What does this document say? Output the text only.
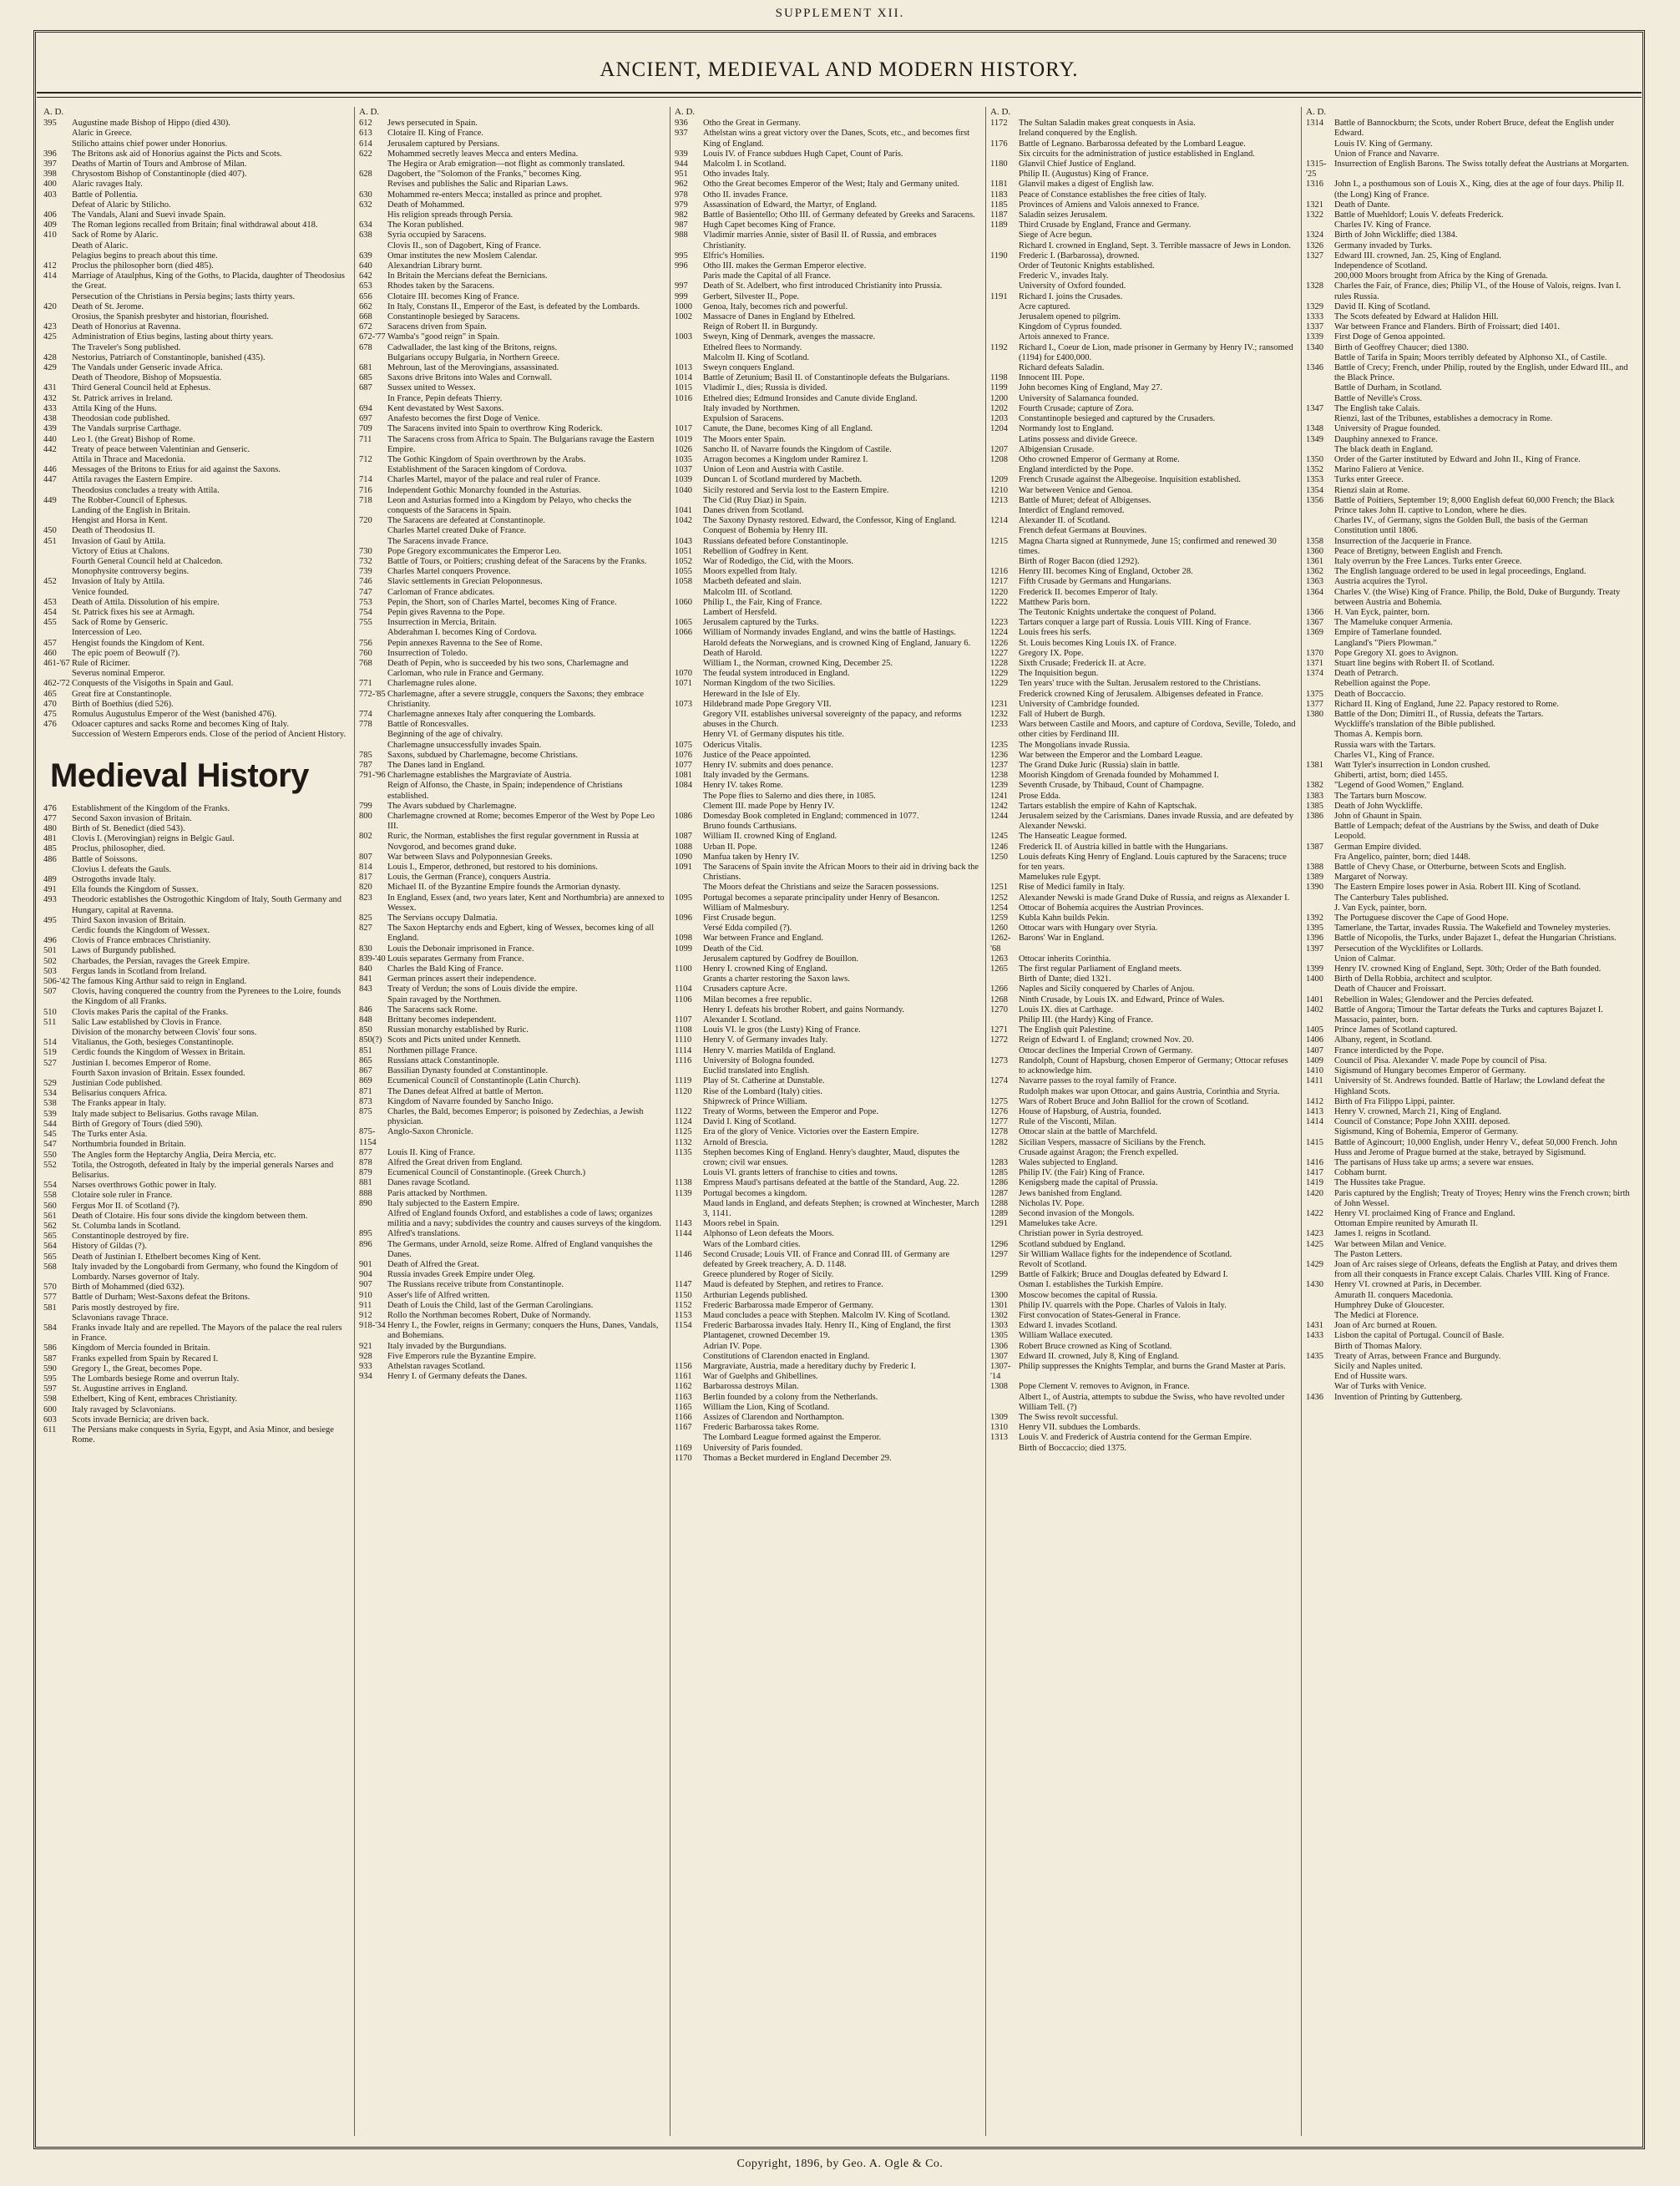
SUPPLEMENT XII.
ANCIENT, MEDIEVAL AND MODERN HISTORY.
A. D.
395	Augustine made Bishop of Hippo (died 430).
Alaric in Greece.
Stilicho attains chief power under Honorius.
396	The Britons ask aid of Honorius against the Picts and Scots.
397	Deaths of Martin of Tours and Ambrose of Milan.
398	Chrysostom Bishop of Constantinople (died 407).
400	Alaric ravages Italy.
403	Battle of Pollentia.
Defeat of Alaric by Stilicho.
406	The Vandals, Alani and Suevi invade Spain.
409	The Roman legions recalled from Britain; final withdrawal about 418.
410	Sack of Rome by Alaric.
Death of Alaric.
Pelagius begins to preach about this time.
412	Proclus the philosopher born (died 485).
414	Marriage of Ataulphus, King of the Goths, to Placida, daughter of Theodosius the Great.
Persecution of the Christians in Persia begins; lasts thirty years.
420	Death of St. Jerome.
Orosius, the Spanish presbyter and historian, flourished.
423	Death of Honorius at Ravenna.
425	Administration of Etius begins, lasting about thirty years.
The Traveler's Song published.
428	Nestorius, Patriarch of Constantinople, banished (435).
429	The Vandals under Genseric invade Africa.
Death of Theodore, Bishop of Mopsuestia.
431	Third General Council held at Ephesus.
432	St. Patrick arrives in Ireland.
433	Attila King of the Huns.
438	Theodosian code published.
439	The Vandals surprise Carthage.
440	Leo I. (the Great) Bishop of Rome.
442	Treaty of peace between Valentinian and Genseric.
Attila in Thrace and Macedonia.
446	Messages of the Britons to Etius for aid against the Saxons.
447	Attila ravages the Eastern Empire.
Theodosius concludes a treaty with Attila.
449	The Robber-Council of Ephesus.
Landing of the English in Britain.
Hengist and Horsa in Kent.
450	Death of Theodosius II.
451	Invasion of Gaul by Attila.
Victory of Etius at Chalons.
Fourth General Council held at Chalcedon.
Monophysite controversy begins.
452	Invasion of Italy by Attila.
Venice founded.
453	Death of Attila. Dissolution of his empire.
454	St. Patrick fixes his see at Armagh.
455	Sack of Rome by Genseric.
Intercession of Leo.
457	Hengist founds the Kingdom of Kent.
460	The epic poem of Beowulf (?).
461-'67 Rule of Ricimer.
Severus nominal Emperor.
462-'72 Conquests of the Visigoths in Spain and Gaul.
465	Great fire at Constantinople.
470	Birth of Boethius (died 526).
475	Romulus Augustulus Emperor of the West (banished 476).
476	Odoacer captures and sacks Rome and becomes King of Italy.
Succession of Western Emperors ends. Close of the period of Ancient History.
Medieval History
476	Establishment of the Kingdom of the Franks.
477	Second Saxon invasion of Britain.
480	Birth of St. Benedict (died 543).
481	Clovis I. (Merovingian) reigns in Belgic Gaul.
485	Proclus, philosopher, died.
486	Battle of Soissons.
Clovius I. defeats the Gauls.
489	Ostrogoths invade Italy.
491	Ella founds the Kingdom of Sussex.
493	Theodoric establishes the Ostrogothic Kingdom of Italy, South Germany and Hungary, capital at Ravenna.
495	Third Saxon invasion of Britain.
Cerdic founds the Kingdom of Wessex.
496	Clovis of France embraces Christianity.
501	Laws of Burgundy published.
502	Charbades, the Persian, ravages the Greek Empire.
503	Fergus lands in Scotland from Ireland.
506-'42 The famous King Arthur said to reign in England.
507	Clovis, having conquered the country from the Pyrenees to the Loire, founds the Kingdom of all Franks.
510	Clovis makes Paris the capital of the Franks.
511	Salic Law established by Clovis in France.
Division of the monarchy between Clovis' four sons.
514	Vitalianus, the Goth, besieges Constantinople.
519	Cerdic founds the Kingdom of Wessex in Britain.
527	Justinian I. becomes Emperor of Rome.
Fourth Saxon invasion of Britain. Essex founded.
529	Justinian Code published.
534	Belisarius conquers Africa.
538	The Franks appear in Italy.
539	Italy made subject to Belisarius. Goths ravage Milan.
544	Birth of Gregory of Tours (died 590).
545	The Turks enter Asia.
547	Northumbria founded in Britain.
550	The Angles form the Heptarchy Anglia, Deira Mercia, etc.
552	Totila, the Ostrogoth, defeated in Italy by the imperial generals Narses and Belisarius.
554	Narses overthrows Gothic power in Italy.
558	Clotaire sole ruler in France.
560	Fergus Mor II. of Scotland (?).
561	Death of Clotaire. His four sons divide the kingdom between them.
562	St. Columba lands in Scotland.
565	Constantinople destroyed by fire.
564	History of Gildas (?).
565	Death of Justinian I. Ethelbert becomes King of Kent.
568	Italy invaded by the Longobardi from Germany, who found the Kingdom of Lombardy. Narses governor of Italy.
570	Birth of Mohammed (died 632).
577	Battle of Durham; West-Saxons defeat the Britons.
581	Paris mostly destroyed by fire.
Sclavonians ravage Thrace.
584	Franks invade Italy and are repelled. The Mayors of the palace the real rulers in France.
586	Kingdom of Mercia founded in Britain.
587	Franks expelled from Spain by Recared I.
590	Gregory I., the Great, becomes Pope.
595	The Lombards besiege Rome and overrun Italy.
597	St. Augustine arrives in England.
598	Ethelbert, King of Kent, embraces Christianity.
600	Italy ravaged by Sclavonians.
603	Scots invade Bernicia; are driven back.
611	The Persians make conquests in Syria, Egypt, and Asia Minor, and besiege Rome.
A. D.
612	Jews persecuted in Spain.
613	Clotaire II. King of France.
614	Jerusalem captured by Persians.
622	Mohammed secretly leaves Mecca and enters Medina.
The Hegira or Arab emigration—not flight as commonly translated.
628	Dagobert, the "Solomon of the Franks," becomes King.
Revises and publishes the Salic and Riparian Laws.
630	Mohammed re-enters Mecca; installed as prince and prophet.
632	Death of Mohammed.
His religion spreads through Persia.
634	The Koran published.
638	Syria occupied by Saracens.
Clovis II., son of Dagobert, King of France.
639	Omar institutes the new Moslem Calendar.
640	Alexandrian Library burnt.
642	In Britain the Mercians defeat the Bernicians.
653	Rhodes taken by the Saracens.
656	Clotaire III. becomes King of France.
662	In Italy, Constans II., Emperor of the East, is defeated by the Lombards.
668	Constantinople besieged by Saracens.
672	Saracens driven from Spain.
672-'77 Wamba's "good reign" in Spain.
678	Cadwallader, the last king of the Britons, reigns.
Bulgarians occupy Bulgaria, in Northern Greece.
681	Mehroun, last of the Merovingians, assassinated.
685	Saxons drive Britons into Wales and Cornwall.
687	Sussex united to Wessex.
In France, Pepin defeats Thierry.
694	Kent devastated by West Saxons.
697	Anafesto becomes the first Doge of Venice.
709	The Saracens invited into Spain to overthrow King Roderick.
711	The Saracens cross from Africa to Spain. The Bulgarians ravage the Eastern Empire.
712	The Gothic Kingdom of Spain overthrown by the Arabs.
Establishment of the Saracen kingdom of Cordova.
714	Charles Martel, mayor of the palace and real ruler of France.
716	Independent Gothic Monarchy founded in the Asturias.
718	Leon and Asturias formed into a Kingdom by Pelayo, who checks the conquests of the Saracens in Spain.
720	The Saracens are defeated at Constantinople.
Charles Martel created Duke of France.
The Saracens invade France.
730	Pope Gregory excommunicates the Emperor Leo.
732	Battle of Tours, or Poitiers; crushing defeat of the Saracens by the Franks.
739	Charles Martel conquers Provence.
746	Slavic settlements in Grecian Peloponnesus.
747	Carloman of France abdicates.
753	Pepin, the Short, son of Charles Martel, becomes King of France.
754	Pepin gives Ravenna to the Pope.
755	Insurrection in Mercia, Britain.
Abderahman I. becomes King of Cordova.
756	Pepin annexes Ravenna to the See of Rome.
760	Insurrection of Toledo.
768	Death of Pepin, who is succeeded by his two sons, Charlemagne and Carloman, who rule in France and Germany.
771	Charlemagne rules alone.
772-'85 Charlemagne, after a severe struggle, conquers the Saxons; they embrace Christianity.
774	Charlemagne annexes Italy after conquering the Lombards.
778	Battle of Roncesvalles.
Beginning of the age of chivalry.
Charlemagne unsuccessfully invades Spain.
785	Saxons, subdued by Charlemagne, become Christians.
787	The Danes land in England.
791-'96 Charlemagne establishes the Margraviate of Austria.
Reign of Alfonso, the Chaste, in Spain; independence of Christians established.
799	The Avars subdued by Charlemagne.
800	Charlemagne crowned at Rome; becomes Emperor of the West by Pope Leo III.
802	Ruric, the Norman, establishes the first regular government in Russia at Novgorod, and becomes grand duke.
807	War between Slavs and Polyponnesian Greeks.
814	Louis I., Emperor, dethroned, but restored to his dominions.
817	Louis, the German (France), conquers Austria.
820	Michael II. of the Byzantine Empire founds the Armorian dynasty.
823	In England, Essex (and, two years later, Kent and Northumbria) are annexed to Wessex.
825	The Servians occupy Dalmatia.
827	The Saxon Heptarchy ends and Egbert, king of Wessex, becomes king of all England.
830	Louis the Debonair imprisoned in France.
839-'40 Louis separates Germany from France.
840	Charles the Bald King of France.
841	German princes assert their independence.
843	Treaty of Verdun; the sons of Louis divide the empire.
Spain ravaged by the Northmen.
846	The Saracens sack Rome.
848	Brittany becomes independent.
850	Russian monarchy established by Ruric.
850(?) Scots and Picts united under Kenneth.
851	Northmen pillage France.
865	Russians attack Constantinople.
867	Bassilian Dynasty founded at Constantinople.
869	Ecumenical Council of Constantinople (Latin Church).
871	The Danes defeat Alfred at battle of Merton.
873	Kingdom of Navarre founded by Sancho Inigo.
875	Charles, the Bald, becomes Emperor; is poisoned by Zedechias, a Jewish physician.
875-1154
Anglo-Saxon Chronicle.
877	Louis II. King of France.
878	Alfred the Great driven from England.
879	Ecumenical Council of Constantinople. (Greek Church.)
881	Danes ravage Scotland.
888	Paris attacked by Northmen.
890	Italy subjected to the Eastern Empire.
Alfred of England founds Oxford, and establishes a code of laws; organizes militia and a navy; subdivides the country and causes surveys of the kingdom.
895	Alfred's translations.
896	The Germans, under Arnold, seize Rome. Alfred of England vanquishes the Danes.
901	Death of Alfred the Great.
904	Russia invades Greek Empire under Oleg.
907	The Russians receive tribute from Constantinople.
910	Asser's life of Alfred written.
911	Death of Louis the Child, last of the German Carolingians.
912	Rollo the Northman becomes Robert, Duke of Normandy.
918-'34 Henry I., the Fowler, reigns in Germany; conquers the Huns, Danes, Vandals, and Bohemians.
921	Italy invaded by the Burgundians.
928	Five Emperors rule the Byzantine Empire.
933	Athelstan ravages Scotland.
934	Henry I. of Germany defeats the Danes.
A. D.
936	Otho the Great in Germany.
937	Athelstan wins a great victory over the Danes, Scots, etc., and becomes first King of England.
939	Louis IV. of France subdues Hugh Capet, Count of Paris.
944	Malcolm I. in Scotland.
951	Otho invades Italy.
962	Otho the Great becomes Emperor of the West; Italy and Germany united.
978	Otho II. invades France.
979	Assassination of Edward, the Martyr, of England.
982	Battle of Basientello; Otho III. of Germany defeated by Greeks and Saracens.
987	Hugh Capet becomes King of France.
988	Vladimir marries Annie, sister of Basil II. of Russia, and embraces Christianity.
995	Elfric's Homilies.
996	Otho III. makes the German Emperor elective.
Paris made the Capital of all France.
997	Death of St. Adelbert, who first introduced Christianity into Prussia.
999	Gerbert, Silvester II., Pope.
1000	Genoa, Italy, becomes rich and powerful.
1002	Massacre of Danes in England by Ethelred.
Reign of Robert II. in Burgundy.
1003	Sweyn, King of Denmark, avenges the massacre.
Ethelred flees to Normandy.
Malcolm II. King of Scotland.
1013	Sweyn conquers England.
1014	Battle of Zetunium; Basil II. of Constantinople defeats the Bulgarians.
1015	Vladimir I., dies; Russia is divided.
1016	Ethelred dies; Edmund Ironsides and Canute divide England.
Italy invaded by Northmen.
Expulsion of Saracens.
1017	Canute, the Dane, becomes King of all England.
1019	The Moors enter Spain.
1026	Sancho II. of Navarre founds the Kingdom of Castile.
1035	Arragon becomes a Kingdom under Ramirez I.
1037	Union of Leon and Austria with Castile.
1039	Duncan I. of Scotland murdered by Macbeth.
1040	Sicily restored and Servia lost to the Eastern Empire.
The Cid (Ruy Diaz) in Spain.
1041	Danes driven from Scotland.
1042	The Saxony Dynasty restored. Edward, the Confessor, King of England.
Conquest of Bohemia by Henry III.
1043	Russians defeated before Constantinople.
1051	Rebellion of Godfrey in Kent.
1052	War of Rodedigo, the Cid, with the Moors.
1055	Moors expelled from Italy.
1058	Macbeth defeated and slain.
Malcolm III. of Scotland.
1060	Philip I., the Fair, King of France.
Lambert of Hersfeld.
1065	Jerusalem captured by the Turks.
1066	William of Normandy invades England, and wins the battle of Hastings.
Harold defeats the Norwegians, and is crowned King of England, January 6.
Death of Harold.
William I., the Norman, crowned King, December 25.
1070	The feudal system introduced in England.
1071	Norman Kingdom of the two Sicilies.
Hereward in the Isle of Ely.
1073	Hildebrand made Pope Gregory VII.
Gregory VII. establishes universal sovereignty of the papacy, and reforms abuses in the Church.
Henry VI. of Germany disputes his title.
1075	Odericus Vitalis.
1076	Justice of the Peace appointed.
1077	Henry IV. submits and does penance.
1081	Italy invaded by the Germans.
1084	Henry IV. takes Rome.
The Pope flies to Salerno and dies there, in 1085.
Clement III. made Pope by Henry IV.
1086	Domesday Book completed in England; commenced in 1077.
Bruno founds Carthusians.
1087	William II. crowned King of England.
1088	Urban II. Pope.
1090	Manfua taken by Henry IV.
1091	The Saracens of Spain invite the African Moors to their aid in driving back the Christians.
The Moors defeat the Christians and seize the Saracen possessions.
1095	Portugal becomes a separate principality under Henry of Besancon.
William of Malmesbury.
1096	First Crusade begun.
Versé Edda compiled (?).
1098	War between France and England.
1099	Death of the Cid.
Jerusalem captured by Godfrey de Bouillon.
1100	Henry I. crowned King of England.
Grants a charter restoring the Saxon laws.
1104	Crusaders capture Acre.
1106	Milan becomes a free republic.
Henry I. defeats his brother Robert, and gains Normandy.
1107	Alexander I. Scotland.
1108	Louis VI. le gros (the Lusty) King of France.
1110	Henry V. of Germany invades Italy.
1114	Henry V. marries Matilda of England.
1116	University of Bologna founded.
Euclid translated into English.
1119	Play of St. Catherine at Dunstable.
1120	Rise of the Lombard (Italy) cities.
Shipwreck of Prince William.
1122	Treaty of Worms, between the Emperor and Pope.
1124	David I. King of Scotland.
1125	Era of the glory of Venice. Victories over the Eastern Empire.
1132	Arnold of Brescia.
1135	Stephen becomes King of England. Henry's daughter, Maud, disputes the crown; civil war ensues.
Louis VI. grants letters of franchise to cities and towns.
1138	Empress Maud's partisans defeated at the battle of the Standard, Aug. 22.
1139	Portugal becomes a kingdom.
Maud lands in England, and defeats Stephen; is crowned at Winchester, March 3, 1141.
1143	Moors rebel in Spain.
1144	Alphonso of Leon defeats the Moors.
Wars of the Lombard cities.
1146	Second Crusade; Louis VII. of France and Conrad III. of Germany are defeated by Greek treachery, A. D. 1148.
Greece plundered by Roger of Sicily.
1147	Maud is defeated by Stephen, and retires to France.
1150	Arthurian Legends published.
1152	Frederic Barbarossa made Emperor of Germany.
1153	Maud concludes a peace with Stephen. Malcolm IV. King of Scotland.
1154	Frederic Barbarossa invades Italy. Henry II., King of England, the first Plantagenet, crowned December 19.
Adrian IV. Pope.
Constitutions of Clarendon enacted in England.
1156	Margraviate, Austria, made a hereditary duchy by Frederic I.
1161	War of Guelphs and Ghibellines.
1162	Barbarossa destroys Milan.
1163	Berlin founded by a colony from the Netherlands.
1165	William the Lion, King of Scotland.
1166	Assizes of Clarendon and Northampton.
1167	Frederic Barbarossa takes Rome.
The Lombard League formed against the Emperor.
1169	University of Paris founded.
1170	Thomas a Becket murdered in England December 29.
A. D.
1172	The Sultan Saladin makes great conquests in Asia.
Ireland conquered by the English.
1176	Battle of Legnano. Barbarossa defeated by the Lombard League.
Six circuits for the administration of justice established in England.
1180	Glanvil Chief Justice of England.
Philip II. (Augustus) King of France.
1181	Glanvil makes a digest of English law.
1183	Peace of Constance establishes the free cities of Italy.
1185	Provinces of Amiens and Valois annexed to France.
1187	Saladin seizes Jerusalem.
1189	Third Crusade by England, France and Germany.
Siege of Acre begun.
Richard I. crowned in England, Sept. 3. Terrible massacre of Jews in London.
1190	Frederic I. (Barbarossa), drowned.
Order of Teutonic Knights established.
Frederic V., invades Italy.
University of Oxford founded.
1191	Richard I. joins the Crusades.
Acre captured.
Jerusalem opened to pilgrim.
Kingdom of Cyprus founded.
Artois annexed to France.
1192	Richard I., Coeur de Lion, made prisoner in Germany by Henry IV.; ransomed (1194) for £400,000.
Richard defeats Saladin.
1198	Innocent III. Pope.
1199	John becomes King of England, May 27.
1200	University of Salamanca founded.
1202	Fourth Crusade; capture of Zora.
1203	Constantinople besieged and captured by the Crusaders.
1204	Normandy lost to England.
Latins possess and divide Greece.
1207	Albigensian Crusade.
1208	Otho crowned Emperor of Germany at Rome.
England interdicted by the Pope.
1209	French Crusade against the Albegeoise. Inquisition established.
1210	War between Venice and Genoa.
1213	Battle of Muret; defeat of Albigenses.
Interdict of England removed.
1214	Alexander II. of Scotland.
French defeat Germans at Bouvines.
1215	Magna Charta signed at Runnymede, June 15; confirmed and renewed 30 times.
Birth of Roger Bacon (died 1292).
1216	Henry III. becomes King of England, October 28.
1217	Fifth Crusade by Germans and Hungarians.
1220	Frederick II. becomes Emperor of Italy.
1222	Matthew Paris born.
The Teutonic Knights undertake the conquest of Poland.
1223	Tartars conquer a large part of Russia. Louis VIII. King of France.
1224	Louis frees his serfs.
1226	St. Louis becomes King Louis IX. of France.
1227	Gregory IX. Pope.
1228	Sixth Crusade; Frederick II. at Acre.
1229	The Inquisition begun.
1229	Ten years' truce with the Sultan. Jerusalem restored to the Christians. Frederick crowned King of Jerusalem. Albigenses defeated in France.
1231	University of Cambridge founded.
1232	Fall of Hubert de Burgh.
1233	Wars between Castile and Moors, and capture of Cordova, Seville, Toledo, and other cities by Ferdinand III.
1235	The Mongolians invade Russia.
1236	War between the Emperor and the Lombard League.
1237	The Grand Duke Juric (Russia) slain in battle.
1238	Moorish Kingdom of Grenada founded by Mohammed I.
1239	Seventh Crusade, by Thibaud, Count of Champagne.
1241	Prose Edda.
1242	Tartars establish the empire of Kahn of Kaptschak.
1244	Jerusalem seized by the Carismians. Danes invade Russia, and are defeated by Alexander Newski.
1245	The Hanseatic League formed.
1246	Frederick II. of Austria killed in battle with the Hungarians.
1250	Louis defeats King Henry of England. Louis captured by the Saracens; truce for ten years.
Mamelukes rule Egypt.
1251	Rise of Medici family in Italy.
1252	Alexander Newski is made Grand Duke of Russia, and reigns as Alexander I.
1254	Ottocar of Bohemia acquires the Austrian Provinces.
1259	Kubla Kahn builds Pekin.
1260	Ottocar wars with Hungary over Styria.
1262-'68
Barons' War in England.
1263	Ottocar inherits Corinthia.
1265	The first regular Parliament of England meets.
Birth of Dante; died 1321.
1266	Naples and Sicily conquered by Charles of Anjou.
1268	Ninth Crusade, by Louis IX. and Edward, Prince of Wales.
1270	Louis IX. dies at Carthage.
Philip III. (the Hardy) King of France.
1271	The English quit Palestine.
1272	Reign of Edward I. of England; crowned Nov. 20.
Ottocar declines the Imperial Crown of Germany.
1273	Randolph, Count of Hapsburg, chosen Emperor of Germany; Ottocar refuses to acknowledge him.
1274	Navarre passes to the royal family of France.
Rudolph makes war upon Ottocar, and gains Austria, Corinthia and Styria.
1275	Wars of Robert Bruce and John Balliol for the crown of Scotland.
1276	House of Hapsburg, of Austria, founded.
1277	Rule of the Visconti, Milan.
1278	Ottocar slain at the battle of Marchfeld.
1282	Sicilian Vespers, massacre of Sicilians by the French.
Crusade against Aragon; the French expelled.
1283	Wales subjected to England.
1285	Philip IV. (the Fair) King of France.
1286	Kenigsberg made the capital of Prussia.
1287	Jews banished from England.
1288	Nicholas IV. Pope.
1289	Second invasion of the Mongols.
1291	Mamelukes take Acre.
Christian power in Syria destroyed.
1296	Scotland subdued by England.
1297	Sir William Wallace fights for the independence of Scotland.
Revolt of Scotland.
1299	Battle of Falkirk; Bruce and Douglas defeated by Edward I.
Osman I. establishes the Turkish Empire.
1300	Moscow becomes the capital of Russia.
1301	Philip IV. quarrels with the Pope. Charles of Valois in Italy.
1302	First convocation of States-General in France.
1303	Edward I. invades Scotland.
1305	William Wallace executed.
1306	Robert Bruce crowned as King of Scotland.
1307	Edward II. crowned, July 8, King of England.
1307-'14
Philip suppresses the Knights Templar, and burns the Grand Master at Paris.
1308	Pope Clement V. removes to Avignon, in France.
Albert I., of Austria, attempts to subdue the Swiss, who have revolted under William Tell. (?)
1309	The Swiss revolt successful.
1310	Henry VII. subdues the Lombards.
1313	Louis V. and Frederick of Austria contend for the German Empire.
Birth of Boccaccio; died 1375.
A. D.
1314	Battle of Bannockburn; the Scots, under Robert Bruce, defeat the English under Edward.
Louis IV. King of Germany.
Union of France and Navarre.
1315-'25
Insurrection of English Barons. The Swiss totally defeat the Austrians at Morgarten.
1316	John I., a posthumous son of Louis X., King, dies at the age of four days. Philip II. (the Long) King of France.
1321	Death of Dante.
1322	Battle of Muehldorf; Louis V. defeats Frederick.
Charles IV. King of France.
1324	Birth of John Wickliffe; died 1384.
1326	Germany invaded by Turks.
1327	Edward III. crowned, Jan. 25, King of England.
Independence of Scotland.
200,000 Moors brought from Africa by the King of Grenada.
1328	Charles the Fair, of France, dies; Philip VI., of the House of Valois, reigns. Ivan I. rules Russia.
1329	David II. King of Scotland.
1333	The Scots defeated by Edward at Halidon Hill.
1337	War between France and Flanders. Birth of Froissart; died 1401.
1339	First Doge of Genoa appointed.
1340	Birth of Geoffrey Chaucer; died 1380.
Battle of Tarifa in Spain; Moors terribly defeated by Alphonso XI., of Castile.
1346	Battle of Crecy; French, under Philip, routed by the English, under Edward III., and the Black Prince.
Battle of Durham, in Scotland.
Battle of Neville's Cross.
1347	The English take Calais.
Rienzi, last of the Tribunes, establishes a democracy in Rome.
1348	University of Prague founded.
1349	Dauphiny annexed to France.
The black death in England.
1350	Order of the Garter instituted by Edward and John II., King of France.
1352	Marino Faliero at Venice.
1353	Turks enter Greece.
1354	Rienzi slain at Rome.
1356	Battle of Poitiers, September 19; 8,000 English defeat 60,000 French; the Black Prince takes John II. captive to London, where he dies.
Charles IV., of Germany, signs the Golden Bull, the basis of the German Constitution until 1806.
1358	Insurrection of the Jacquerie in France.
1360	Peace of Bretigny, between English and French.
1361	Italy overrun by the Free Lances. Turks enter Greece.
1362	The English language ordered to be used in legal proceedings, England.
1363	Austria acquires the Tyrol.
1364	Charles V. (the Wise) King of France. Philip, the Bold, Duke of Burgundy. Treaty between Austria and Bohemia.
1366	H. Van Eyck, painter, born.
1367	The Mameluke conquer Armenia.
1369	Empire of Tamerlane founded.
Langland's "Piers Plowman."
1370	Pope Gregory XI. goes to Avignon.
1371	Stuart line begins with Robert II. of Scotland.
1374	Death of Petrarch.
Rebellion against the Pope.
1375	Death of Boccaccio.
1377	Richard II. King of England, June 22. Papacy restored to Rome.
1380	Battle of the Don; Dimitri II., of Russia, defeats the Tartars.
Wyckliffe's translation of the Bible published.
Thomas A. Kempis born.
Russia wars with the Tartars.
Charles VI., King of France.
1381	Watt Tyler's insurrection in London crushed.
Ghiberti, artist, born; died 1455.
1382	"Legend of Good Women," England.
1383	The Tartars burn Moscow.
1385	Death of John Wyckliffe.
1386	John of Ghaunt in Spain.
Battle of Lempach; defeat of the Austrians by the Swiss, and death of Duke Leopold.
1387	German Empire divided.
Fra Angelico, painter, born; died 1448.
1388	Battle of Chevy Chase, or Otterburne, between Scots and English.
1389	Margaret of Norway.
1390	The Eastern Empire loses power in Asia. Robert III. King of Scotland.
The Canterbury Tales published.
J. Van Eyck, painter, born.
1392	The Portuguese discover the Cape of Good Hope.
1395	Tamerlane, the Tartar, invades Russia. The Wakefield and Towneley mysteries.
1396	Battle of Nicopolis, the Turks, under Bajazet I., defeat the Hungarian Christians.
1397	Persecution of the Wycklifites or Lollards.
Union of Calmar.
1399	Henry IV. crowned King of England, Sept. 30th; Order of the Bath founded.
1400	Birth of Della Robbia, architect and sculptor.
Death of Chaucer and Froissart.
1401	Rebellion in Wales; Glendower and the Percies defeated.
1402	Battle of Angora; Timour the Tartar defeats the Turks and captures Bajazet I. Massacio, painter, born.
1405	Prince James of Scotland captured.
1406	Albany, regent, in Scotland.
1407	France interdicted by the Pope.
1409	Council of Pisa. Alexander V. made Pope by council of Pisa.
1410	Sigismund of Hungary becomes Emperor of Germany.
1411	University of St. Andrews founded. Battle of Harlaw; the Lowland defeat the Highland Scots.
1412	Birth of Fra Filippo Lippi, painter.
1413	Henry V. crowned, March 21, King of England.
1414	Council of Constance; Pope John XXIII. deposed.
Sigismund, King of Bohemia, Emperor of Germany.
1415	Battle of Agincourt; 10,000 English, under Henry V., defeat 50,000 French. John Huss and Jerome of Prague burned at the stake, betrayed by Sigismund.
1416	The partisans of Huss take up arms; a severe war ensues.
1417	Cobham burnt.
1419	The Hussites take Prague.
1420	Paris captured by the English; Treaty of Troyes; Henry wins the French crown; birth of John Wessel.
1422	Henry VI. proclaimed King of France and England.
Ottoman Empire reunited by Amurath II.
1423	James I. reigns in Scotland.
1425	War between Milan and Venice.
The Paston Letters.
1429	Joan of Arc raises siege of Orleans, defeats the English at Patay, and drives them from all their conquests in France except Calais. Charles VIII. King of France.
1430	Henry VI. crowned at Paris, in December.
Amurath II. conquers Macedonia.
Humphrey Duke of Gloucester.
The Medici at Florence.
1431	Joan of Arc burned at Rouen.
1433	Lisbon the capital of Portugal. Council of Basle.
Birth of Thomas Malory.
1435	Treaty of Arras, between France and Burgundy.
Sicily and Naples united.
End of Hussite wars.
War of Turks with Venice.
1436	Invention of Printing by Guttenberg.
Copyright, 1896, by Geo. A. Ogle & Co.
